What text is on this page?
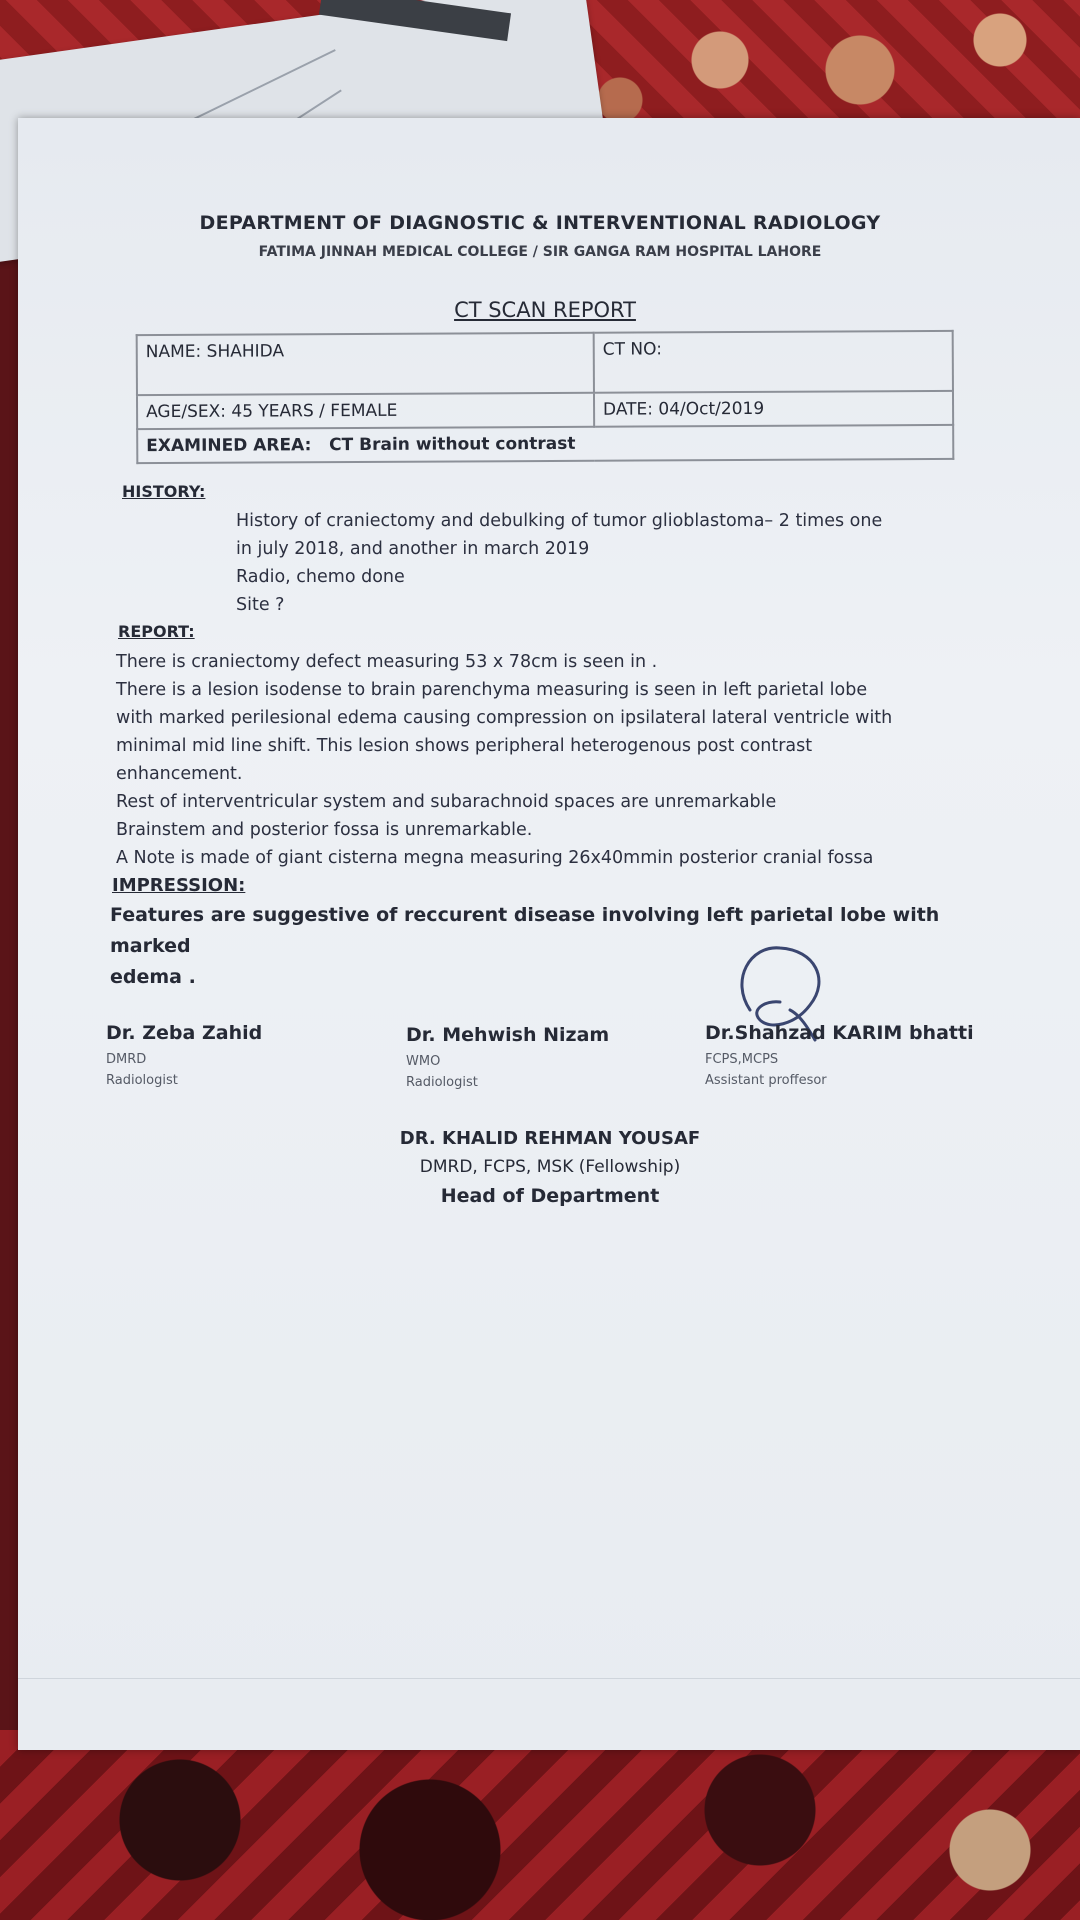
DEPARTMENT OF DIAGNOSTIC & INTERVENTIONAL RADIOLOGY
FATIMA JINNAH MEDICAL COLLEGE / SIR GANGA RAM HOSPITAL LAHORE
CT SCAN REPORT
NAME: SHAHIDA	CT NO:
AGE/SEX: 45 YEARS / FEMALE	DATE: 04/Oct/2019
EXAMINED AREA: CT Brain without contrast	
HISTORY:
History of craniectomy and debulking of tumor glioblastoma– 2 times one
in july 2018, and another in march 2019
Radio, chemo done
Site ?
REPORT:
There is craniectomy defect measuring 53 x 78cm is seen in .
There is a lesion isodense to brain parenchyma measuring is seen in left parietal lobe
with marked perilesional edema causing compression on ipsilateral lateral ventricle with
minimal mid line shift. This lesion shows peripheral heterogenous post contrast
enhancement.
Rest of interventricular system and subarachnoid spaces are unremarkable
Brainstem and posterior fossa is unremarkable.
A Note is made of giant cisterna megna measuring 26x40mmin posterior cranial fossa
IMPRESSION:
Features are suggestive of reccurent disease involving left parietal lobe with marked
edema .
Dr. Zeba Zahid
DMRD
Radiologist
Dr. Mehwish Nizam
WMO
Radiologist
Dr.Shahzad KARIM bhatti
FCPS,MCPS
Assistant proffesor
DR. KHALID REHMAN YOUSAF
DMRD, FCPS, MSK (Fellowship)
Head of Department
